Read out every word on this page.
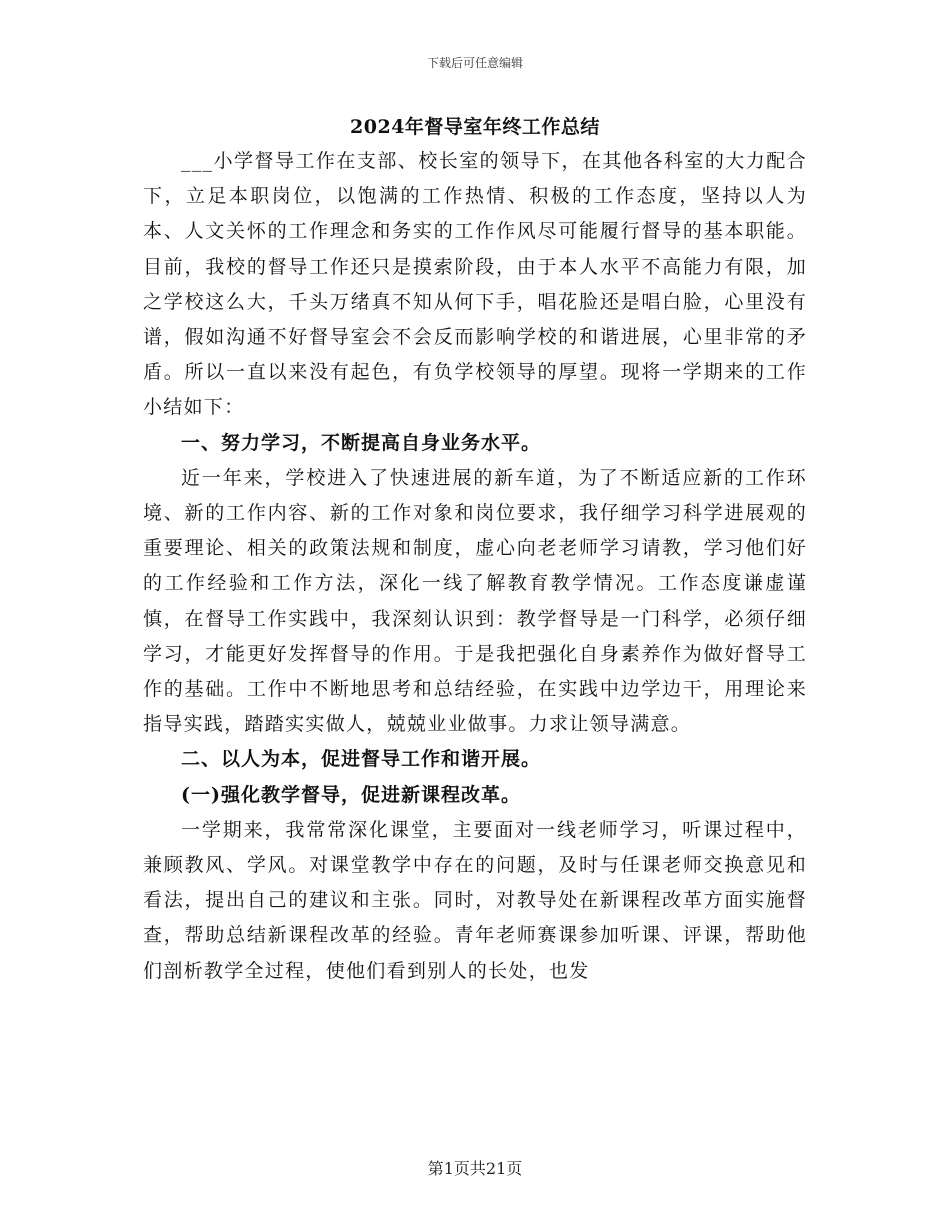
下载后可任意编辑
2024年督导室年终工作总结

___小学督导工作在支部、校长室的领导下，在其他各科室的大力配合下，立足本职岗位，以饱满的工作热情、积极的工作态度，坚持以人为本、人文关怀的工作理念和务实的工作作风尽可能履行督导的基本职能。目前，我校的督导工作还只是摸索阶段，由于本人水平不高能力有限，加之学校这么大，千头万绪真不知从何下手，唱花脸还是唱白脸，心里没有谱，假如沟通不好督导室会不会反而影响学校的和谐进展，心里非常的矛盾。所以一直以来没有起色，有负学校领导的厚望。现将一学期来的工作小结如下：

一、努力学习，不断提高自身业务水平。

近一年来，学校进入了快速进展的新车道，为了不断适应新的工作环境、新的工作内容、新的工作对象和岗位要求，我仔细学习科学进展观的重要理论、相关的政策法规和制度，虚心向老老师学习请教，学习他们好的工作经验和工作方法，深化一线了解教育教学情况。工作态度谦虚谨慎，在督导工作实践中，我深刻认识到：教学督导是一门科学，必须仔细学习，才能更好发挥督导的作用。于是我把强化自身素养作为做好督导工作的基础。工作中不断地思考和总结经验，在实践中边学边干，用理论来指导实践，踏踏实实做人，兢兢业业做事。力求让领导满意。

二、以人为本，促进督导工作和谐开展。

(一)强化教学督导，促进新课程改革。

一学期来，我常常深化课堂，主要面对一线老师学习，听课过程中，兼顾教风、学风。对课堂教学中存在的问题，及时与任课老师交换意见和看法，提出自己的建议和主张。同时，对教导处在新课程改革方面实施督查，帮助总结新课程改革的经验。青年老师赛课参加听课、评课，帮助他们剖析教学全过程，使他们看到别人的长处，也发

第1页共21页
